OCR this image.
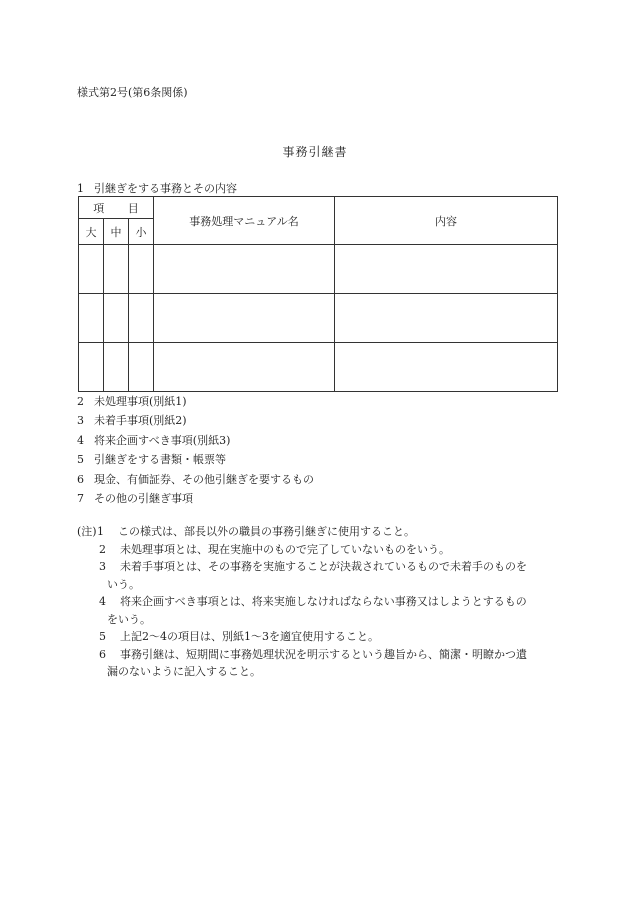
様式第2号(第6条関係)
事務引継書
1 引継ぎをする事務とその内容
項 目			事務処理マニュアル名	内容
大	中	小		

2 未処理事項(別紙1)
3 未着手事項(別紙2)
4 将来企画すべき事項(別紙3)
5 引継ぎをする書類・帳票等
6 現金、有価証券、その他引継ぎを要するもの
7 その他の引継ぎ事項
(注)1 この様式は、部長以外の職員の事務引継ぎに使用すること。
2 未処理事項とは、現在実施中のもので完了していないものをいう。
3 未着手事項とは、その事務を実施することが決裁されているもので未着手のものを
いう。
4 将来企画すべき事項とは、将来実施しなければならない事務又はしようとするもの
をいう。
5 上記2〜4の項目は、別紙1〜3を適宜使用すること。
6 事務引継は、短期間に事務処理状況を明示するという趣旨から、簡潔・明瞭かつ遺
漏のないように記入すること。
